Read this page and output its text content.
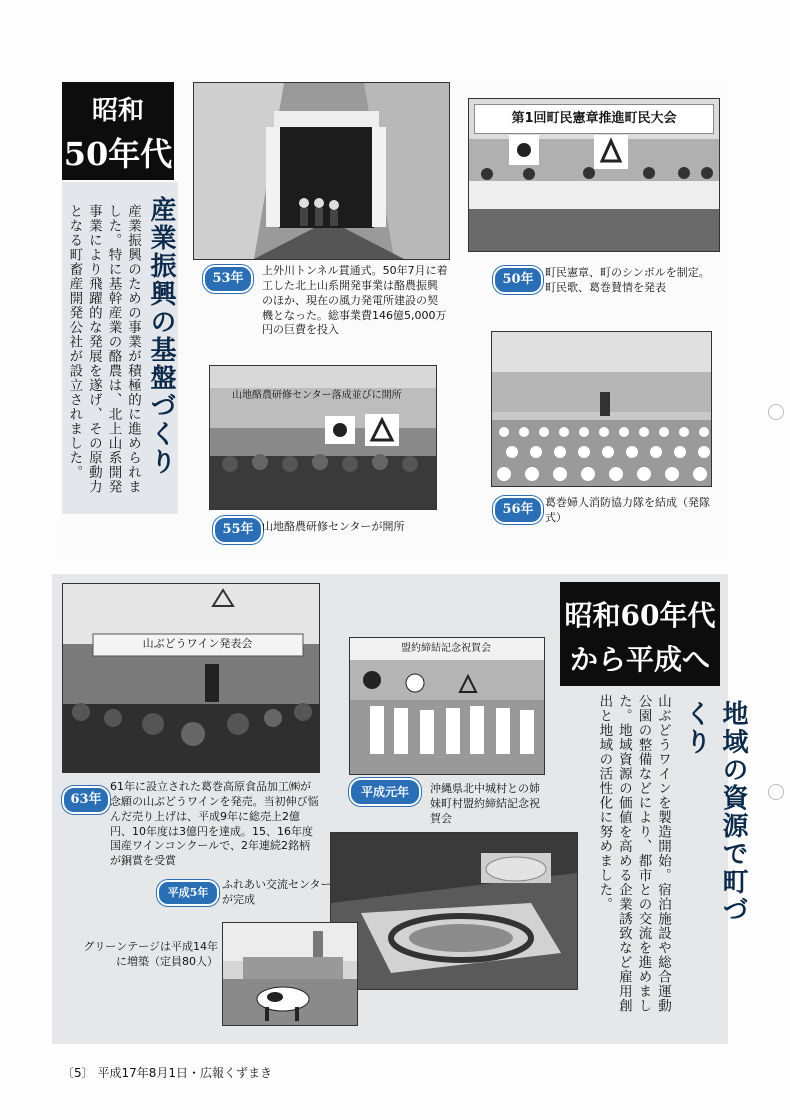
昭和
50年代
産業振興の基盤づくり
産業振興のための事業が積極的に進められました。特に基幹産業の酪農は、北上山系開発事業により飛躍的な発展を遂げ、その原動力となる町畜産開発公社が設立されました。
第1回町民憲章推進町民大会
53年
上外川トンネル貫通式。50年7月に着工した北上山系開発事業は酪農振興のほか、現在の風力発電所建設の契機となった。総事業費146億5,000万円の巨費を投入
50年	町民憲章、町のシンボルを制定。町民歌、葛巻賛情を発表
山地酪農研修センター落成並びに開所
55年 山地酪農研修センターが開所
56年	葛巻婦人消防協力隊を結成（発隊式）
昭和60年代
から平成へ
地域の資源で町づくり
山ぶどうワインを製造開始。宿泊施設や総合運動公園の整備などにより、都市との交流を進めました。地域資源の価値を高める企業誘致など雇用創出と地域の活性化に努めました。
山ぶどうワイン発表会	盟約締結記念祝賀会
63年
61年に設立された葛巻高原食品加工㈱が念願の山ぶどうワインを発売。当初伸び悩んだ売り上げは、平成9年に総売上2億円、10年度は3億円を達成。15、16年度国産ワインコンクールで、2年連続2銘柄が銅賞を受賞
平成元年	沖縄県北中城村との姉妹町村盟約締結記念祝賀会
平成5年
ふれあい交流センターが完成
グリーンテージは平成14年に増築（定員80人）
〔5〕 平成17年8月1日・広報くずまき
